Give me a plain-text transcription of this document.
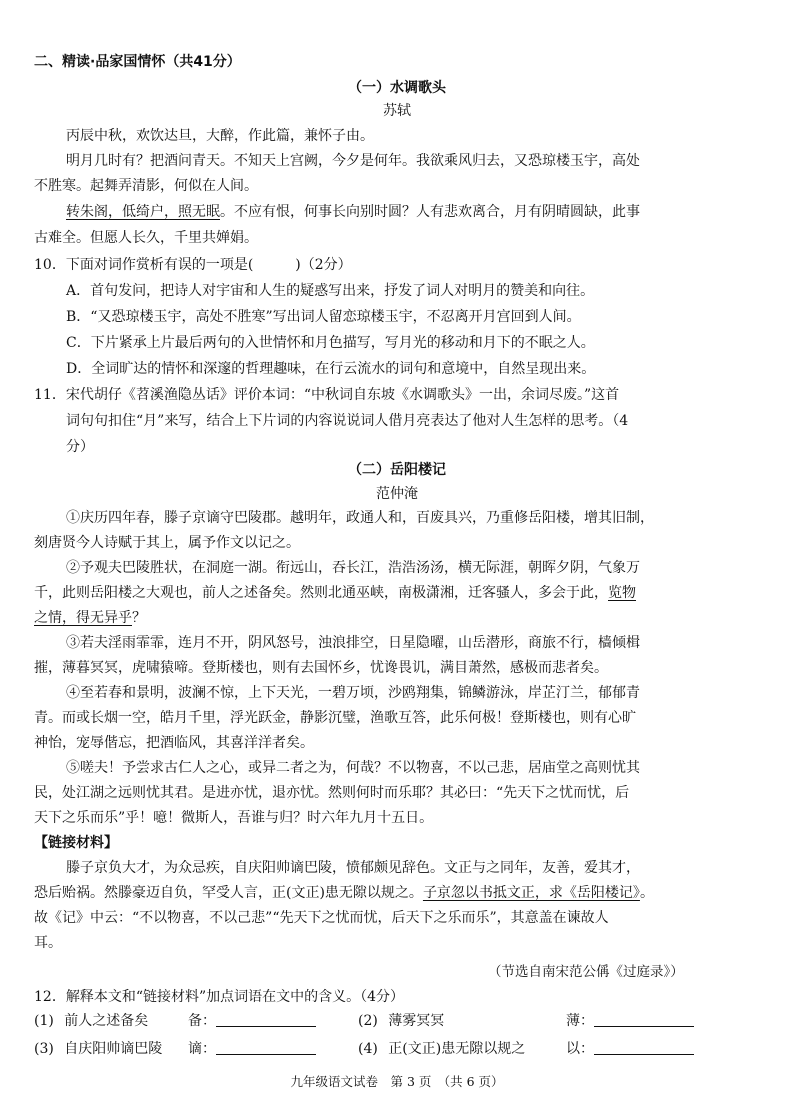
二、精读·品家国情怀（共41分）
（一）水调歌头
苏轼
丙辰中秋，欢饮达旦，大醉，作此篇，兼怀子由。
明月几时有？把酒问青天。不知天上宫阙，今夕是何年。我欲乘风归去，又恐琼楼玉宇，高处
不胜寒。起舞弄清影，何似在人间。
转朱阁，低绮户，照无眠。不应有恨，何事长向别时圆？人有悲欢离合，月有阴晴圆缺，此事
古难全。但愿人长久，千里共婵娟。
10．下面对词作赏析有误的一项是(　　　)（2分）
A．首句发问，把诗人对宇宙和人生的疑惑写出来，抒发了词人对明月的赞美和向往。
B．“又恐琼楼玉宇，高处不胜寒”写出词人留恋琼楼玉宇，不忍离开月宫回到人间。
C．下片紧承上片最后两句的入世情怀和月色描写，写月光的移动和月下的不眠之人。
D．全词旷达的情怀和深邃的哲理趣味，在行云流水的词句和意境中，自然呈现出来。
11．宋代胡仔《苕溪渔隐丛话》评价本词：“中秋词自东坡《水调歌头》一出，余词尽废。”这首
词句句扣住“月”来写，结合上下片词的内容说说词人借月亮表达了他对人生怎样的思考。（4
分）
（二）岳阳楼记
范仲淹
①庆历四年春，滕子京谪守巴陵郡。越明年，政通人和，百废具兴，乃重修岳阳楼，增其旧制，
刻唐贤今人诗赋于其上，属予作文以记之。
②予观夫巴陵胜状，在洞庭一湖。衔远山，吞长江，浩浩汤汤，横无际涯，朝晖夕阴，气象万
千，此则岳阳楼之大观也，前人之述备矣。然则北通巫峡，南极潇湘，迁客骚人，多会于此，览物
之情，得无异乎？
③若夫淫雨霏霏，连月不开，阴风怒号，浊浪排空，日星隐曜，山岳潜形，商旅不行，樯倾楫
摧，薄暮冥冥，虎啸猿啼。登斯楼也，则有去国怀乡，忧谗畏讥，满目萧然，感极而悲者矣。
④至若春和景明，波澜不惊，上下天光，一碧万顷，沙鸥翔集，锦鳞游泳，岸芷汀兰，郁郁青
青。而或长烟一空，皓月千里，浮光跃金，静影沉璧，渔歌互答，此乐何极！登斯楼也，则有心旷
神怡，宠辱偕忘，把酒临风，其喜洋洋者矣。
⑤嗟夫！予尝求古仁人之心，或异二者之为，何哉？不以物喜，不以己悲，居庙堂之高则忧其
民，处江湖之远则忧其君。是进亦忧，退亦忧。然则何时而乐耶？其必曰：“先天下之忧而忧，后
天下之乐而乐”乎！噫！微斯人，吾谁与归？时六年九月十五日。
【链接材料】
滕子京负大才，为众忌疾，自庆阳帅谪巴陵，愤郁颇见辞色。文正与之同年，友善，爱其才，
恐后贻祸。然滕豪迈自负，罕受人言，正(文正)患无隙以规之。子京忽以书抵文正，求《岳阳楼记》。
故《记》中云：“不以物喜，不以己悲”“先天下之忧而忧，后天下之乐而乐”，其意盖在谏故人
耳。
（节选自南宋范公偁《过庭录》）
12．解释本文和“链接材料”加点词语在文中的含义。（4分）
(1) 前人之述备矣	备：	(2) 薄雾冥冥	薄：
(3) 自庆阳帅谪巴陵 谪：	(4) 正(文正)患无隙以规之	以：
九年级语文试卷　第 3 页　（共 6 页）
